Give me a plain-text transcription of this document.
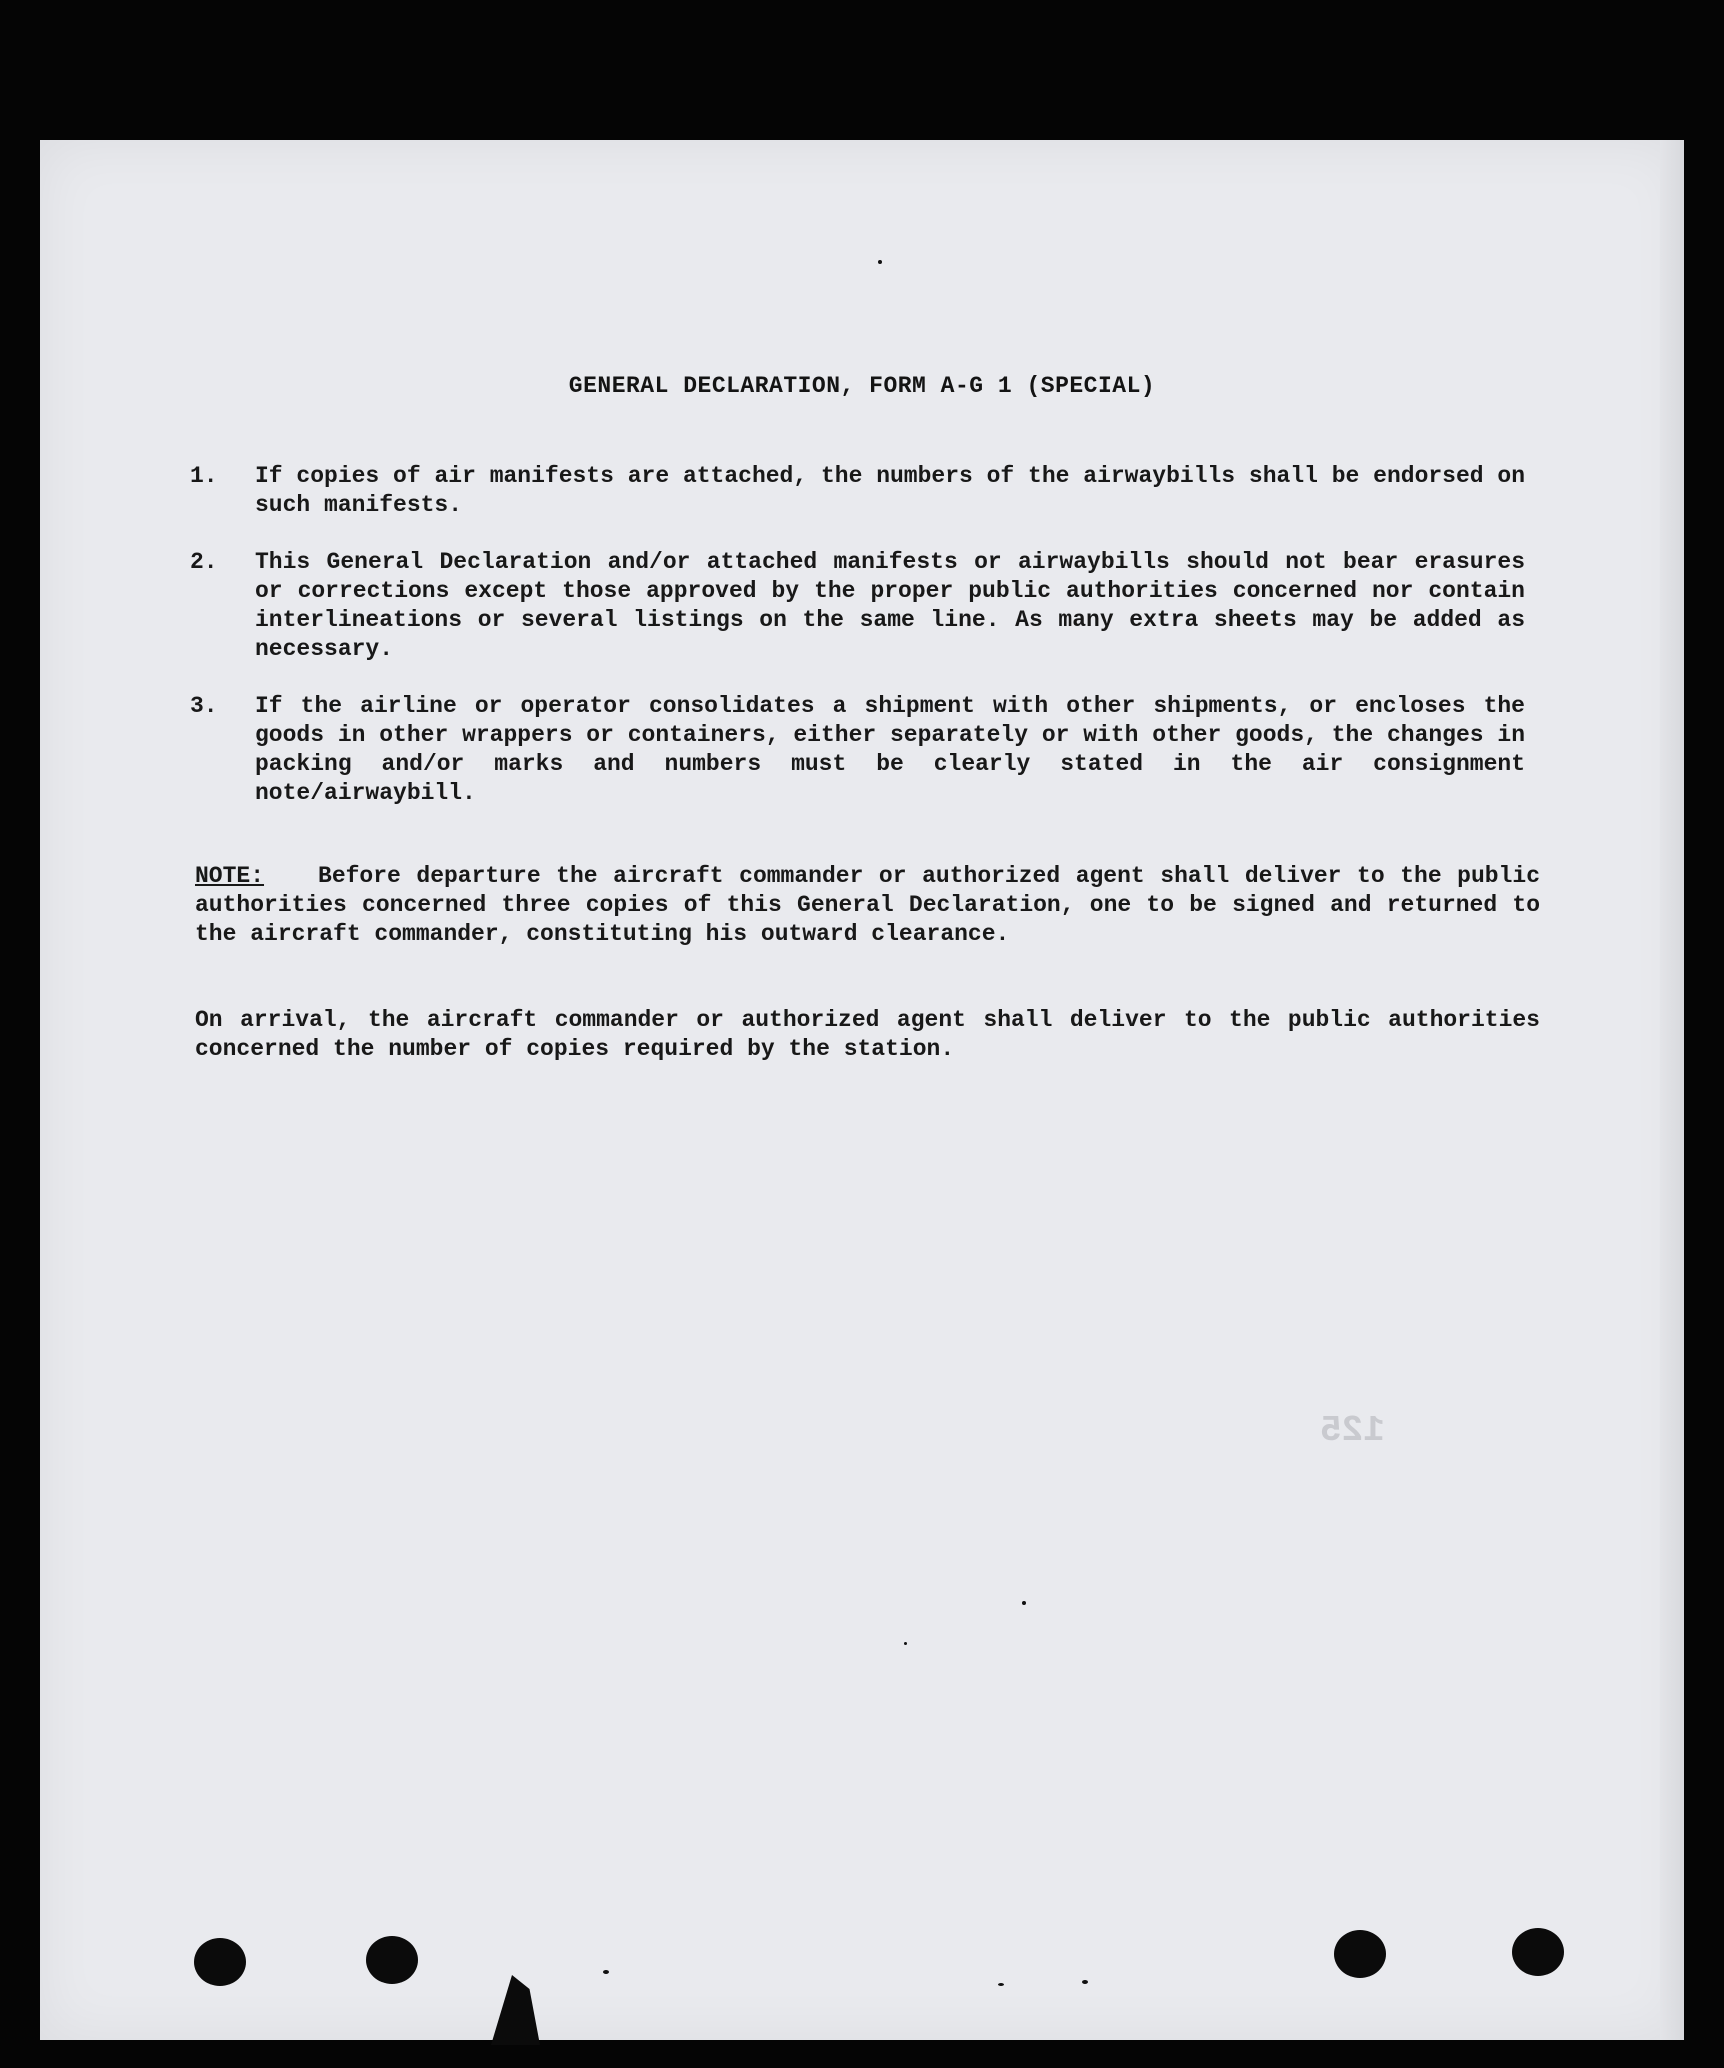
GENERAL DECLARATION, FORM A-G 1 (SPECIAL)
1.	If copies of air manifests are attached, the numbers of the airwaybills shall be endorsed on such manifests.
2.	This General Declaration and/or attached manifests or airwaybills should not bear erasures or corrections except those approved by the proper public authorities concerned nor contain interlineations or several listings on the same line. As many extra sheets may be added as necessary.
3.	If the airline or operator consolidates a shipment with other shipments, or encloses the goods in other wrappers or containers, either separately or with other goods, the changes in packing and/or marks and numbers must be clearly stated in the air consignment note/airwaybill.
NOTE: Before departure the aircraft commander or authorized agent shall deliver to the public authorities concerned three copies of this General Declaration, one to be signed and returned to the aircraft commander, constituting his outward clearance.
On arrival, the aircraft commander or authorized agent shall deliver to the public authorities concerned the number of copies required by the station.
125
